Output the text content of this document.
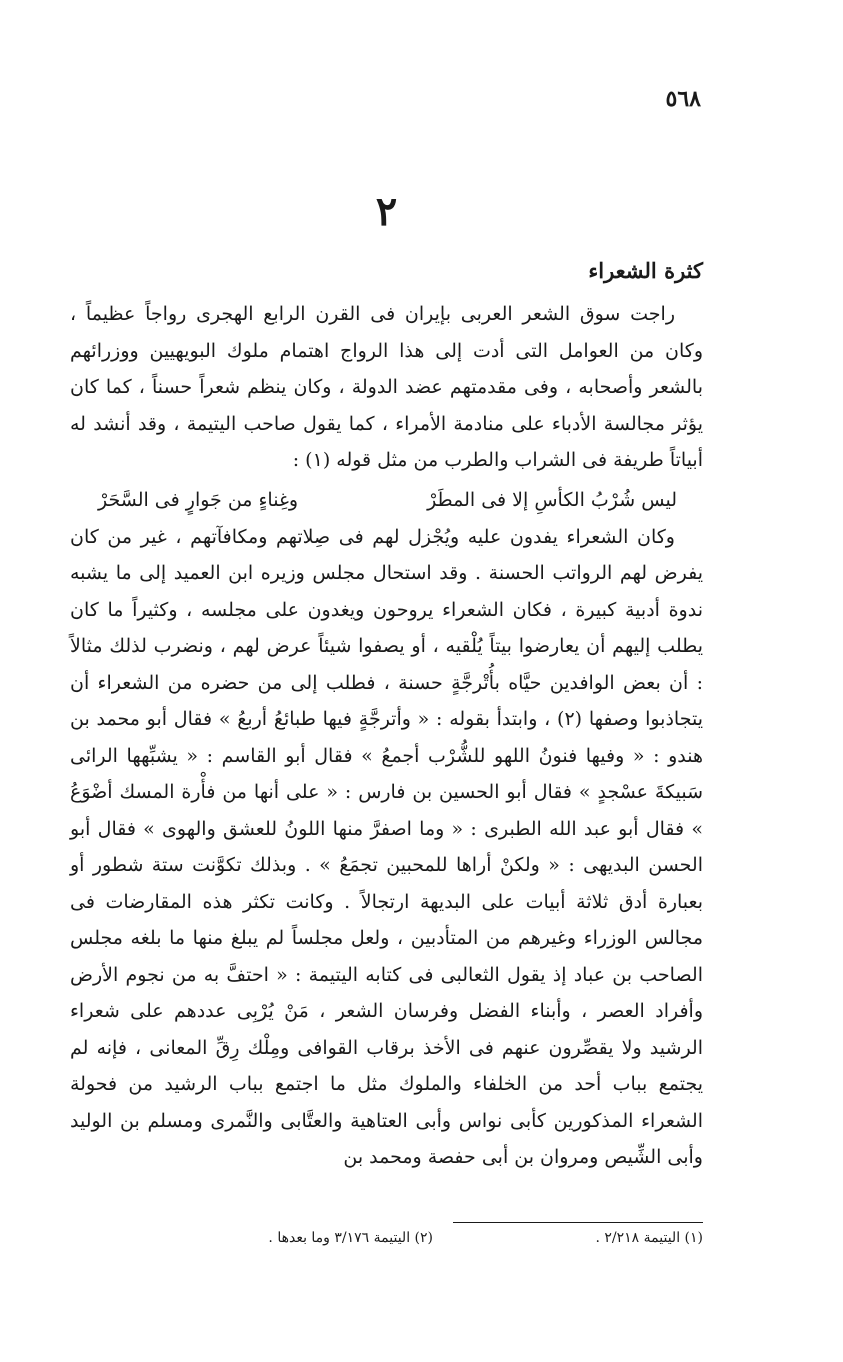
٥٦٨
٢
كثرة الشعراء

راجت سوق الشعر العربى بإيران فى القرن الرابع الهجرى رواجاً عظيماً ، وكان من العوامل التى أدت إلى هذا الرواج اهتمام ملوك البويهيين ووزرائهم بالشعر وأصحابه ، وفى مقدمتهم عضد الدولة ، وكان ينظم شعراً حسناً ، كما كان يؤثر مجالسة الأدباء على منادمة الأمراء ، كما يقول صاحب اليتيمة ، وقد أنشد له أبياتاً طريفة فى الشراب والطرب من مثل قوله (١) :

ليس شُرْبُ الكأسِ إلا فى المطَرْ
وغِناءٍ من جَوارٍ فى السَّحَرْ

وكان الشعراء يفدون عليه ويُجْزل لهم فى صِلاتهم ومكافآتهم ، غير من كان يفرض لهم الرواتب الحسنة . وقد استحال مجلس وزيره ابن العميد إلى ما يشبه ندوة أدبية كبيرة ، فكان الشعراء يروحون ويغدون على مجلسه ، وكثيراً ما كان يطلب إليهم أن يعارضوا بيتاً يُلْقيه ، أو يصفوا شيئاً عرض لهم ، ونضرب لذلك مثالاً : أن بعض الوافدين حيَّاه بأُتْرجَّةٍ حسنة ، فطلب إلى من حضره من الشعراء أن يتجاذبوا وصفها (٢) ، وابتدأ بقوله : « وأترجَّةٍ فيها طبائعُ أربعُ » فقال أبو محمد بن هندو : « وفيها فنونُ اللهو للشُّرْب أجمعُ » فقال أبو القاسم : « يشبِّهها الرائى سَبيكةَ عسْجدٍ » فقال أبو الحسين بن فارس : « على أنها من فأْرة المسك أضْوَعُ » فقال أبو عبد الله الطبرى : « وما اصفرَّ منها اللونُ للعشق والهوى » فقال أبو الحسن البديهى : « ولكنْ أراها للمحبين تجمَعُ » . وبذلك تكوَّنت ستة شطور أو بعبارة أدق ثلاثة أبيات على البديهة ارتجالاً . وكانت تكثر هذه المقارضات فى مجالس الوزراء وغيرهم من المتأدبين ، ولعل مجلساً لم يبلغ منها ما بلغه مجلس الصاحب بن عباد إذ يقول الثعالبى فى كتابه اليتيمة : « احتفَّ به من نجوم الأرض وأفراد العصر ، وأبناء الفضل وفرسان الشعر ، مَنْ يُرْبِى عددهم على شعراء الرشيد ولا يقصِّرون عنهم فى الأخذ برقاب القوافى ومِلْك رِقِّ المعانى ، فإنه لم يجتمع بباب أحد من الخلفاء والملوك مثل ما اجتمع بباب الرشيد من فحولة الشعراء المذكورين كأبى نواس وأبى العتاهية والعتَّابى والنَّمرى ومسلم بن الوليد وأبى الشِّيص ومروان بن أبى حفصة ومحمد بن

(١) اليتيمة ٢/٢١٨ .
(٢) اليتيمة ٣/١٧٦ وما بعدها .
